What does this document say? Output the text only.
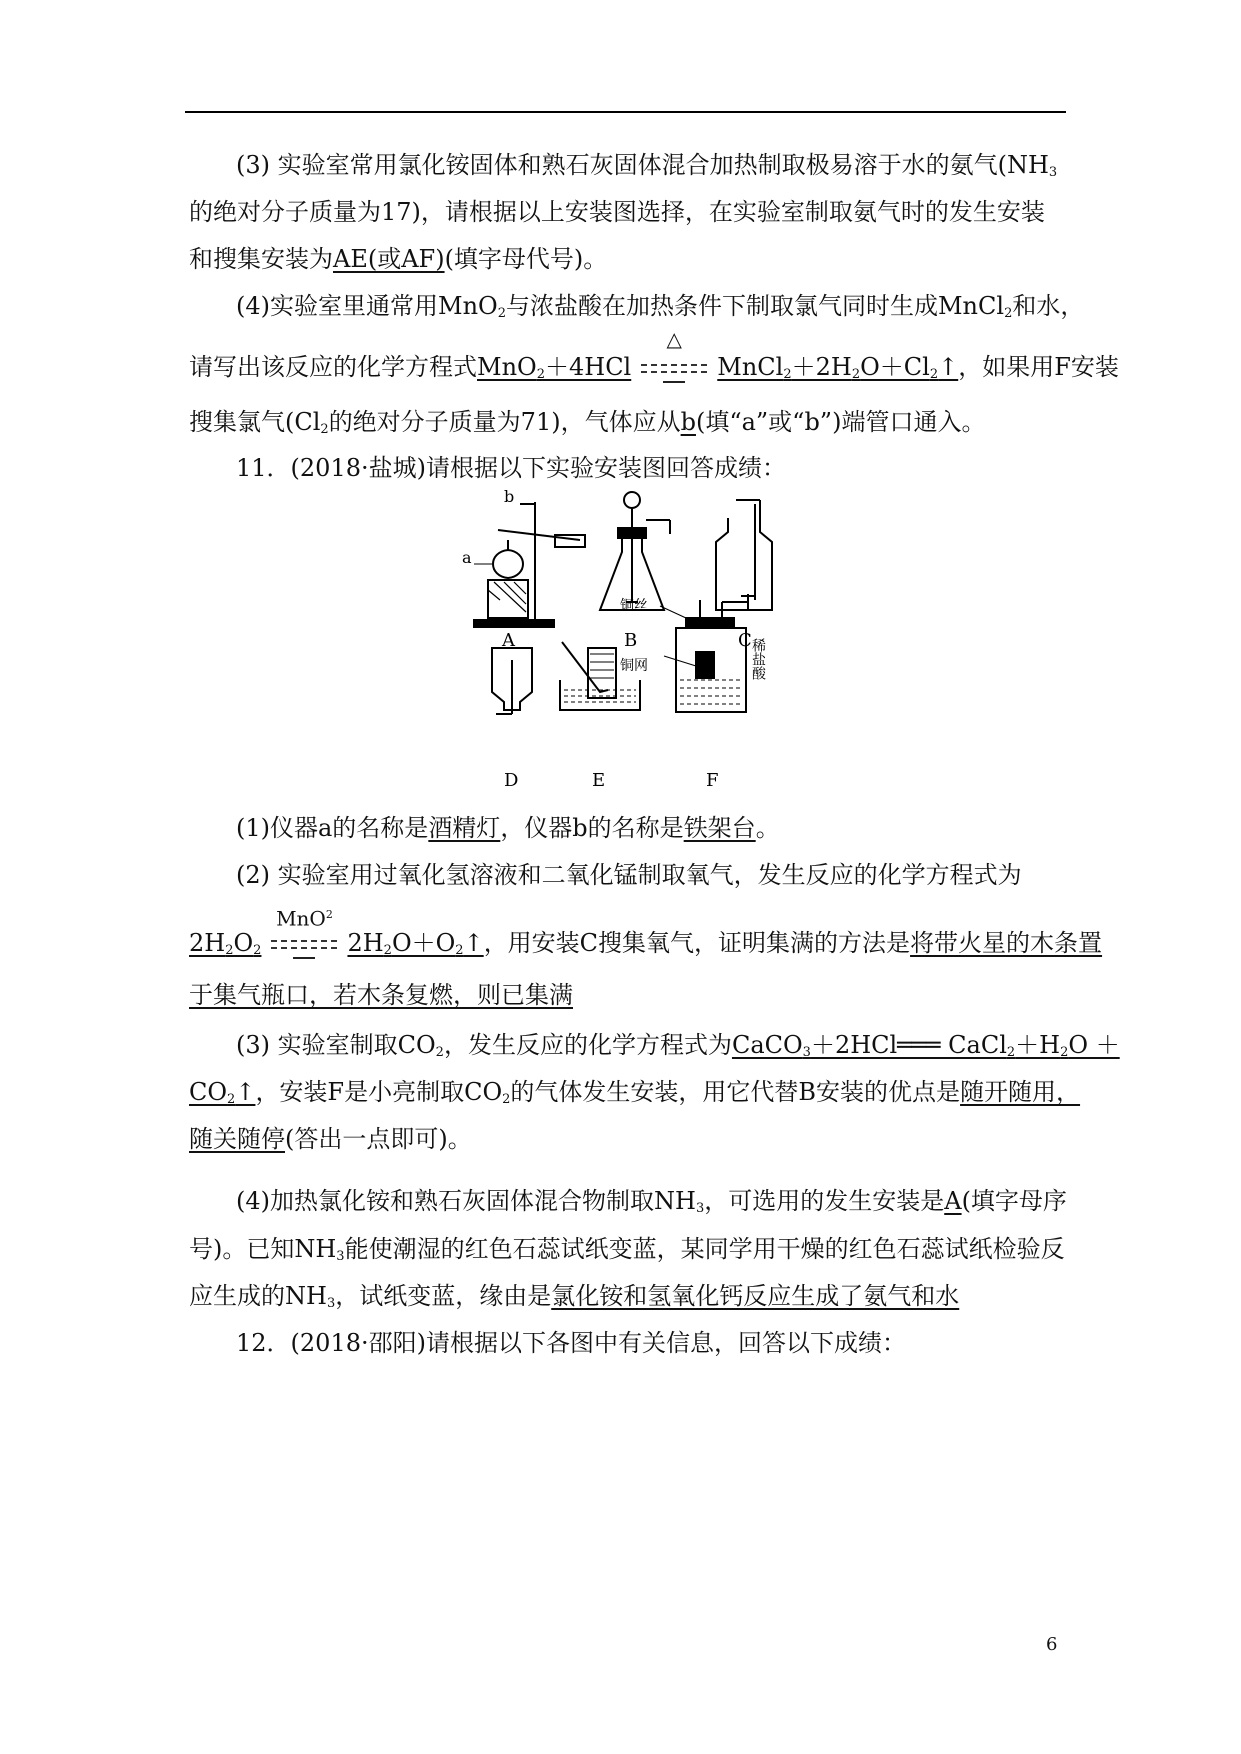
(3) 实验室常用氯化铵固体和熟石灰固体混合加热制取极易溶于水的氨气($NH_3$
的绝对分子质量为17)，请根据以上安装图选择，在实验室制取氨气时的发生安装
和搜集安装为AE(或AF)(填字母代号)。
(4)实验室里通常用MnO$_2$与浓盐酸在加热条件下制取氯气同时生成MnCl$_2$和水，
请写出该反应的化学方程式MnO$_2$＋4HCl
△
$MnCl_2+2H_2O+Cl_2↑$，如果用F安装
搜集氯气($Cl_2$的绝对分子质量为71)，气体应从b(填“a”或“b”)端管口通入。
11．(2018·盐城)请根据以下实验安装图回答成绩：
a
b
A	B	C
D	E	F
铜丝
铜网	稀盐酸
(1)仪器a的名称是酒精灯，仪器b的名称是铁架台。
(2) 实验室用过氧化氢溶液和二氧化锰制取氧气，发生反应的化学方程式为
$2H_2O_2$
MnO$^2$
$2H_2O+O_2↑$，用安装C搜集氧气，证明集满的方法是将带火星的木条置
于集气瓶口，若木条复燃，则已集满
(3) 实验室制取$CO_2$，发生反应的化学方程式为CaCO$_3$＋2HCl═══ $CaCl_2+H_2O$ ＋
$CO_2↑$，安装F是小亮制取$CO_2$的气体发生安装，用它代替B安装的优点是随开随用，
随关随停(答出一点即可)。
(4)加热氯化铵和熟石灰固体混合物制取$NH_3$，可选用的发生安装是A(填字母序
号)。已知$NH_3$能使潮湿的红色石蕊试纸变蓝，某同学用干燥的红色石蕊试纸检验反
应生成的$NH_3$，试纸变蓝，缘由是氯化铵和氢氧化钙反应生成了氨气和水
12．(2018·邵阳)请根据以下各图中有关信息，回答以下成绩：
6
